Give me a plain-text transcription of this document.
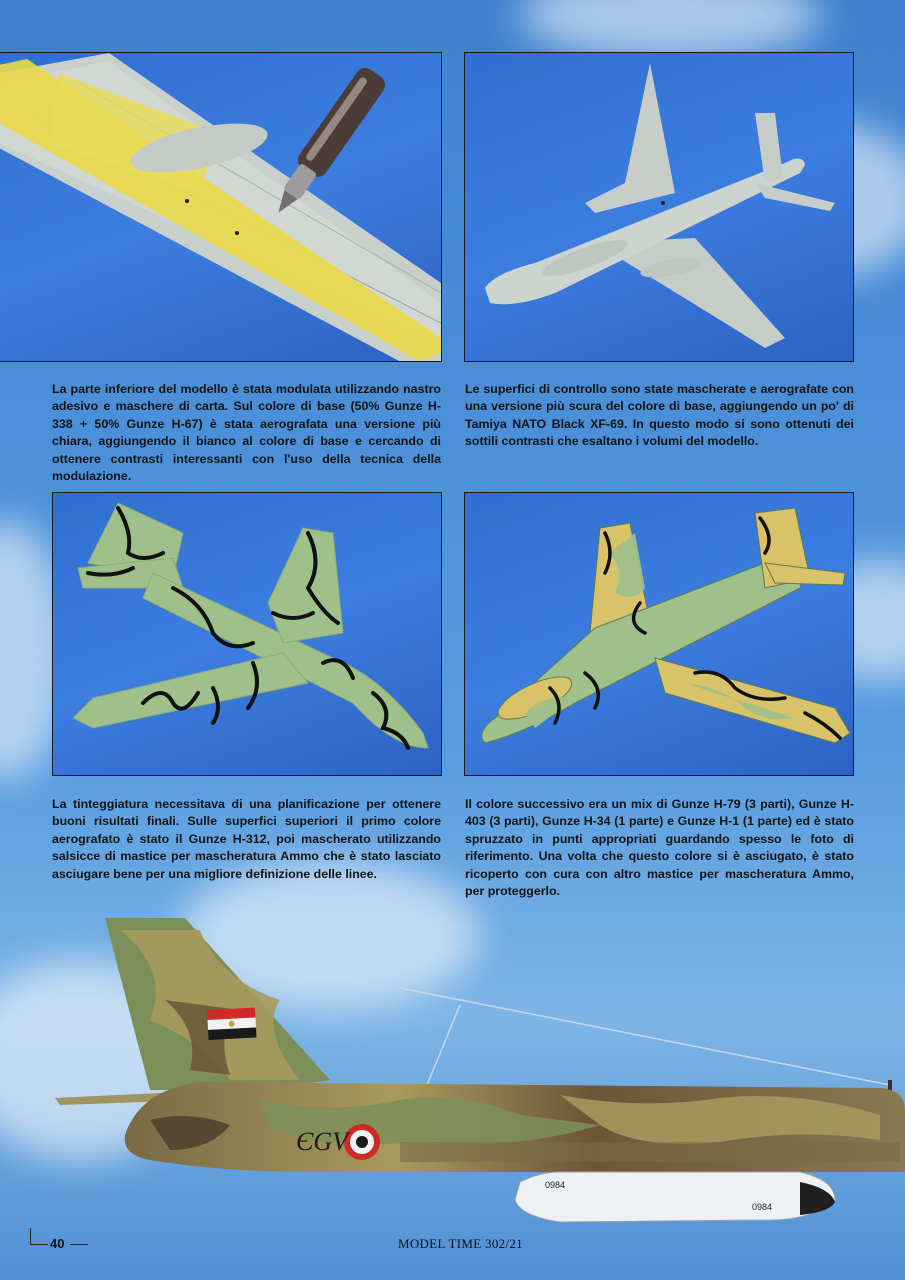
La parte inferiore del modello è stata modulata utilizzando nastro adesivo e maschere di carta. Sul colore di base (50% Gunze H-338 + 50% Gunze H-67) è stata aerografata una versione più chiara, aggiungendo il bianco al colore di base e cercando di ottenere contrasti interessanti con l'uso della tecnica della modulazione.

Le superfici di controllo sono state mascherate e aerografate con una versione più scura del colore di base, aggiungendo un po' di Tamiya NATO Black XF-69. In questo modo si sono ottenuti dei sottili contrasti che esaltano i volumi del modello.

La tinteggiatura necessitava di una planificazione per ottenere buoni risultati finali. Sulle superfici superiori il primo colore aerografato è stato il Gunze H-312, poi mascherato utilizzando salsicce di mastice per mascheratura Ammo che è stato lasciato asciugare bene per una migliore definizione delle linee.

Il colore successivo era un mix di Gunze H-79 (3 parti), Gunze H-403 (3 parti), Gunze H-34 (1 parte) e Gunze H-1 (1 parte) ed è stato spruzzato in punti appropriati guardando spesso le foto di riferimento. Una volta che questo colore si è asciugato, è stato ricoperto con cura con altro mastice per mascheratura Ammo, per proteggerlo.

ЄGV
0984
0984
40	MODEL TIME 302/21
